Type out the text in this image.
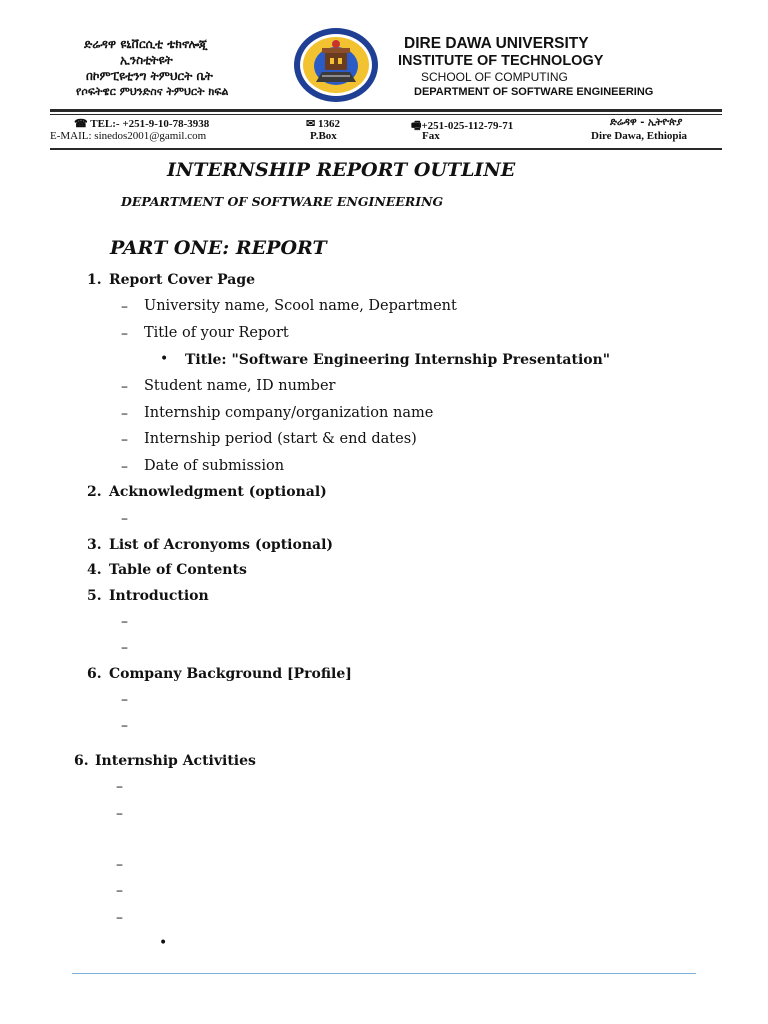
ድሬዳዋ ዩኒቨርሲቲ ቴክኖሎጂ
ኢንስቲትዩት
በኮምፒዩቲንግ ትምህርት ቤት
የሶፍትዌር ምህንድስና ትምህርት ክፍል
DIRE DAWA UNIVERSITY
INSTITUTE OF TECHNOLOGY
SCHOOL OF COMPUTING
DEPARTMENT OF SOFTWARE ENGINEERING
☎ TEL:- +251-9-10-78-3938
E-MAIL: sinedos2001@gamil.com
✉ 1362
P.Box
🖷+251-025-112-79-71
Fax
ድሬዳዋ - ኢትዮጵያ
Dire Dawa, Ethiopia
INTERNSHIP REPORT OUTLINE
DEPARTMENT OF SOFTWARE ENGINEERING
PART ONE: REPORT
1. Report Cover Page
– University name, Scool name, Department
– Title of your Report
• Title: "Software Engineering Internship Presentation"
– Student name, ID number
– Internship company/organization name
– Internship period (start & end dates)
– Date of submission
2. Acknowledgment (optional)
–
3. List of Acronyoms (optional)
4. Table of Contents
5. Introduction
–
–
6. Company Background [Profile]
–
–
6. Internship Activities
–
–
–
–
–
•
